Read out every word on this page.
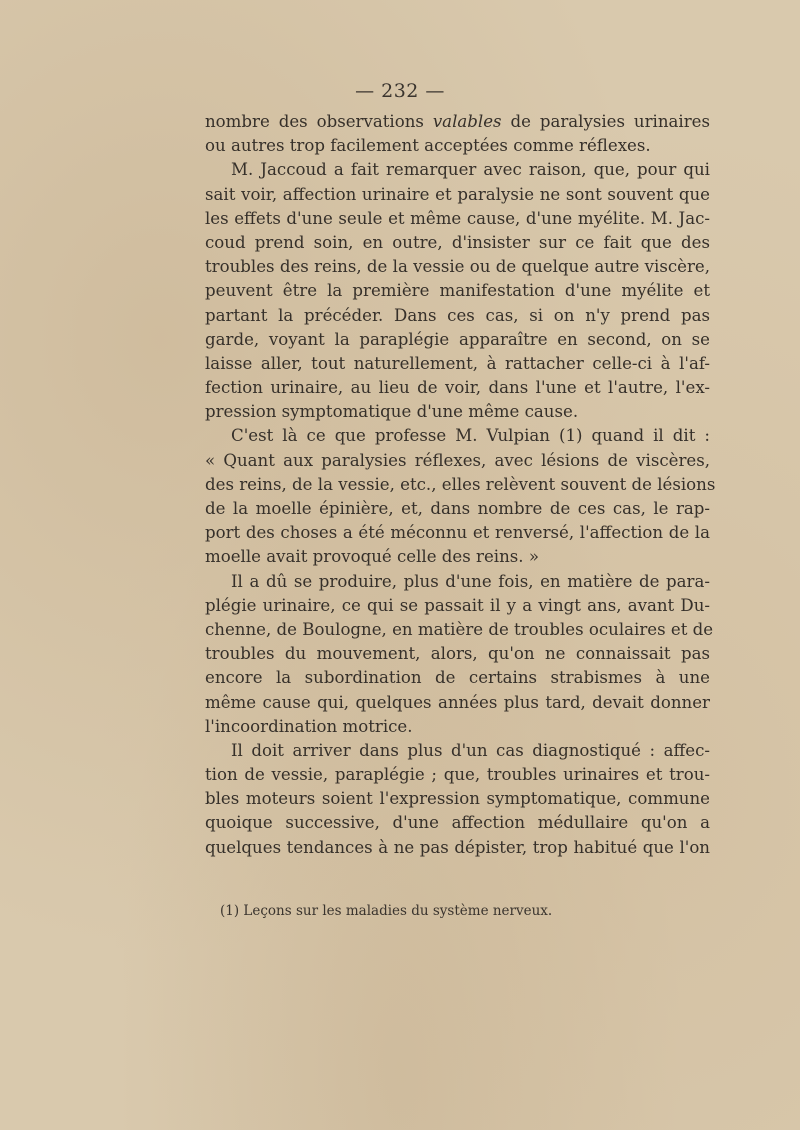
— 232 —
nombre des observations valables de paralysies urinaires
ou autres trop facilement acceptées comme réflexes.
M. Jaccoud a fait remarquer avec raison, que, pour qui
sait voir, affection urinaire et paralysie ne sont souvent que
les effets d'une seule et même cause, d'une myélite. M. Jac-
coud prend soin, en outre, d'insister sur ce fait que des
troubles des reins, de la vessie ou de quelque autre viscère,
peuvent être la première manifestation d'une myélite et
partant la précéder. Dans ces cas, si on n'y prend pas
garde, voyant la paraplégie apparaître en second, on se
laisse aller, tout naturellement, à rattacher celle-ci à l'af-
fection urinaire, au lieu de voir, dans l'une et l'autre, l'ex-
pression symptomatique d'une même cause.
C'est là ce que professe M. Vulpian (1) quand il dit :
« Quant aux paralysies réflexes, avec lésions de viscères,
des reins, de la vessie, etc., elles relèvent souvent de lésions
de la moelle épinière, et, dans nombre de ces cas, le rap-
port des choses a été méconnu et renversé, l'affection de la
moelle avait provoqué celle des reins. »
Il a dû se produire, plus d'une fois, en matière de para-
plégie urinaire, ce qui se passait il y a vingt ans, avant Du-
chenne, de Boulogne, en matière de troubles oculaires et de
troubles du mouvement, alors, qu'on ne connaissait pas
encore la subordination de certains strabismes à une
même cause qui, quelques années plus tard, devait donner
l'incoordination motrice.
Il doit arriver dans plus d'un cas diagnostiqué : affec-
tion de vessie, paraplégie ; que, troubles urinaires et trou-
bles moteurs soient l'expression symptomatique, commune
quoique successive, d'une affection médullaire qu'on a
quelques tendances à ne pas dépister, trop habitué que l'on
(1) Leçons sur les maladies du système nerveux.
